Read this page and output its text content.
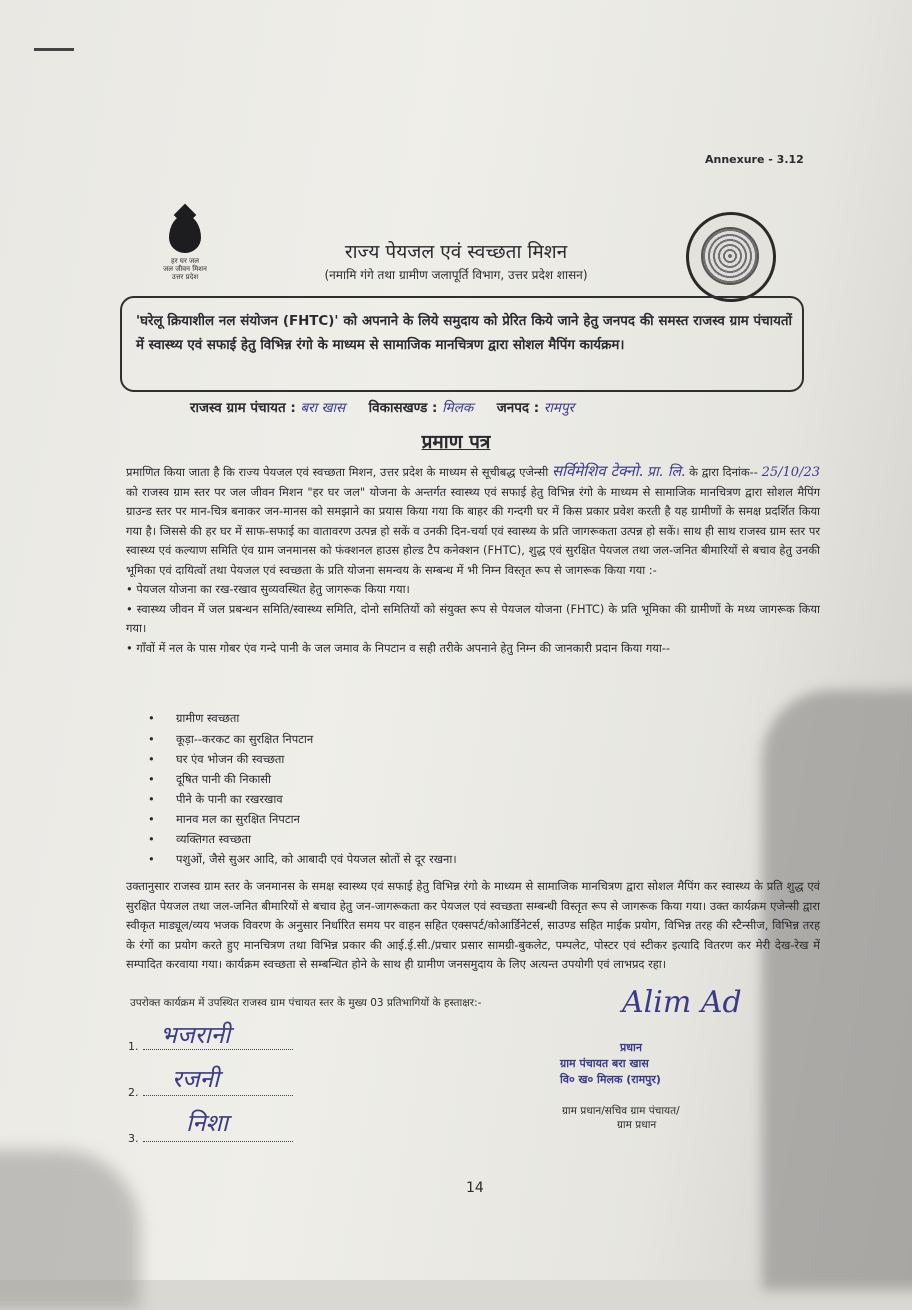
Annexure - 3.12
हर घर जल
जल जीवन मिशन
उत्तर प्रदेश
राज्य पेयजल एवं स्वच्छता मिशन
(नमामि गंगे तथा ग्रामीण जलापूर्ति विभाग, उत्तर प्रदेश शासन)

'घरेलू क्रियाशील नल संयोजन (FHTC)' को अपनाने के लिये समुदाय को प्रेरित किये जाने हेतु जनपद की समस्त राजस्व ग्राम पंचायतों में स्वास्थ्य एवं सफाई हेतु विभिन्न रंगो के माध्यम से सामाजिक मानचित्रण द्वारा सोशल मैपिंग कार्यक्रम।

राजस्व ग्राम पंचायत : बरा खास विकासखण्ड : मिलक जनपद : रामपुर
प्रमाण पत्र

प्रमाणित किया जाता है कि राज्य पेयजल एवं स्वच्छता मिशन, उत्तर प्रदेश के माध्यम से सूचीबद्ध एजेन्सी सर्विमेशिव टेक्नो. प्रा. लि. के द्वारा दिनांक-- 25/10/23 को राजस्व ग्राम स्तर पर जल जीवन मिशन "हर घर जल" योजना के अन्तर्गत स्वास्थ्य एवं सफाई हेतु विभिन्न रंगो के माध्यम से सामाजिक मानचित्रण द्वारा सोशल मैपिंग ग्राउन्ड स्तर पर मान-चित्र बनाकर जन-मानस को समझाने का प्रयास किया गया कि बाहर की गन्दगी घर में किस प्रकार प्रवेश करती है यह ग्रामीणों के समक्ष प्रदर्शित किया गया है। जिससे की हर घर में साफ-सफाई का वातावरण उत्पन्न हो सकें व उनकी दिन-चर्या एवं स्वास्थ्य के प्रति जागरूकता उत्पन्न हो सकें। साथ ही साथ राजस्व ग्राम स्तर पर स्वास्थ्य एवं कल्याण समिति एंव ग्राम जनमानस को फंक्शनल हाउस होल्ड टैप कनेक्शन (FHTC), शुद्ध एवं सुरक्षित पेयजल तथा जल-जनित बीमारियों से बचाव हेतु उनकी भूमिका एवं दायित्वों तथा पेयजल एवं स्वच्छता के प्रति योजना समन्वय के सम्बन्ध में भी निम्न विस्तृत रूप से जागरूक किया गया :-

• पेयजल योजना का रख-रखाव सुव्यवस्थित हेतु जागरूक किया गया।

• स्वास्थ्य जीवन में जल प्रबन्धन समिति/स्वास्थ्य समिति, दोनो समितियों को संयुक्त रूप से पेयजल योजना (FHTC) के प्रति भूमिका की ग्रामीणों के मध्य जागरूक किया गया।

• गाँवों में नल के पास गोबर एंव गन्दे पानी के जल जमाव के निपटान व सही तरीके अपनाने हेतु निम्न की जानकारी प्रदान किया गया--

• ग्रामीण स्वच्छता
• कूड़ा--करकट का सुरक्षित निपटान
• घर एंव भोजन की स्वच्छता
• दूषित पानी की निकासी
• पीने के पानी का रखरखाव
• मानव मल का सुरक्षित निपटान
• व्यक्तिगत स्वच्छता
• पशुओं, जैसे सुअर आदि, को आबादी एवं पेयजल स्रोतों से दूर रखना।
उक्तानुसार राजस्व ग्राम स्तर के जनमानस के समक्ष स्वास्थ्य एवं सफाई हेतु विभिन्न रंगो के माध्यम से सामाजिक मानचित्रण द्वारा सोशल मैपिंग कर स्वास्थ्य के प्रति शुद्ध एवं सुरक्षित पेयजल तथा जल-जनित बीमारियों से बचाव हेतु जन-जागरूकता कर पेयजल एवं स्वच्छता सम्बन्धी विस्तृत रूप से जागरूक किया गया। उक्त कार्यक्रम एजेन्सी द्वारा स्वीकृत माड्यूल/व्यय भजक विवरण के अनुसार निर्धारित समय पर वाहन सहित एक्सपर्ट/कोआर्डिनेटर्स, साउण्ड सहित माईक प्रयोग, विभिन्न तरह की स्टैन्सीज, विभिन्न तरह के रंगों का प्रयोग करते हुए मानचित्रण तथा विभिन्न प्रकार की आई.ई.सी./प्रचार प्रसार सामग्री-बुकलेट, पम्पलेट, पोस्टर एवं स्टीकर इत्यादि वितरण कर मेरी देख-रेख में सम्पादित करवाया गया। कार्यक्रम स्वच्छता से सम्बन्धित होने के साथ ही ग्रामीण जनसमुदाय के लिए अत्यन्त उपयोगी एवं लाभप्रद रहा।
उपरोक्त कार्यक्रम में उपस्थित राजस्व ग्राम पंचायत स्तर के मुख्य 03 प्रतिभागियों के हस्ताक्षर:-
1.
2.
3.
भजरानी
रजनी
निशा
Alim Ad
प्रधान
ग्राम पंचायत बरा खास
वि० ख० मिलक (रामपुर)
ग्राम प्रधान/सचिव ग्राम पंचायत/
ग्राम प्रधान
14
